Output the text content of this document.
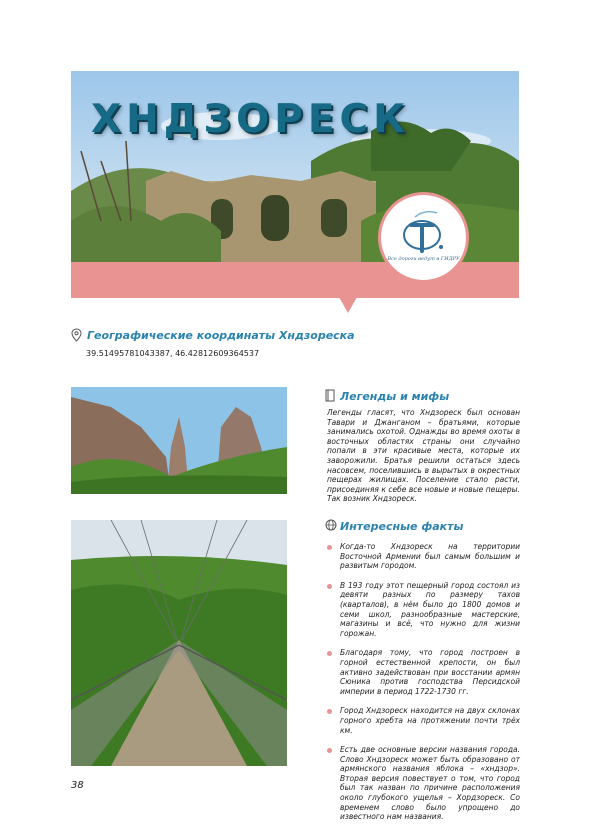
ХНДЗОРЕСК
Все дороги ведут в ГИДРУ
Географические координаты Хндзореска
39.51495781043387, 46.42812609364537
Легенды и мифы

Легенды гласят, что Хндзореск был основан Тавари и Джанганом – братьями, которые занимались охотой. Однажды во время охоты в восточных областях страны они случайно попали в эти красивые места, которые их заворожили. Братья решили остаться здесь насовсем, поселившись в вырытых в окрестных пещерах жилищах. Поселение стало расти, присоединяя к себе все новые и новые пещеры. Так возник Хндзореск.

Интересные факты
Когда-то Хндзореск на территории Восточной Армении был самым большим и развитым городом.
В 193 году этот пещерный город состоял из девяти разных по размеру тахов (кварталов), в нём было до 1800 домов и семи школ, разнообразные мастерские, магазины и всё, что нужно для жизни горожан.
Благодаря тому, что город построен в горной естественной крепости, он был активно задействован при восстании армян Сюника против господства Персидской империи в период 1722-1730 гг.
Город Хндзореск находится на двух склонах горного хребта на протяжении почти трёх км.
Есть две основные версии названия города. Слово Хндзореск может быть образовано от армянского названия яблока – «хндзор». Вторая версия повествует о том, что город был так назван по причине расположения около глубокого ущелья – Хордзореск. Со временем слово было упрощено до известного нам названия.
38
